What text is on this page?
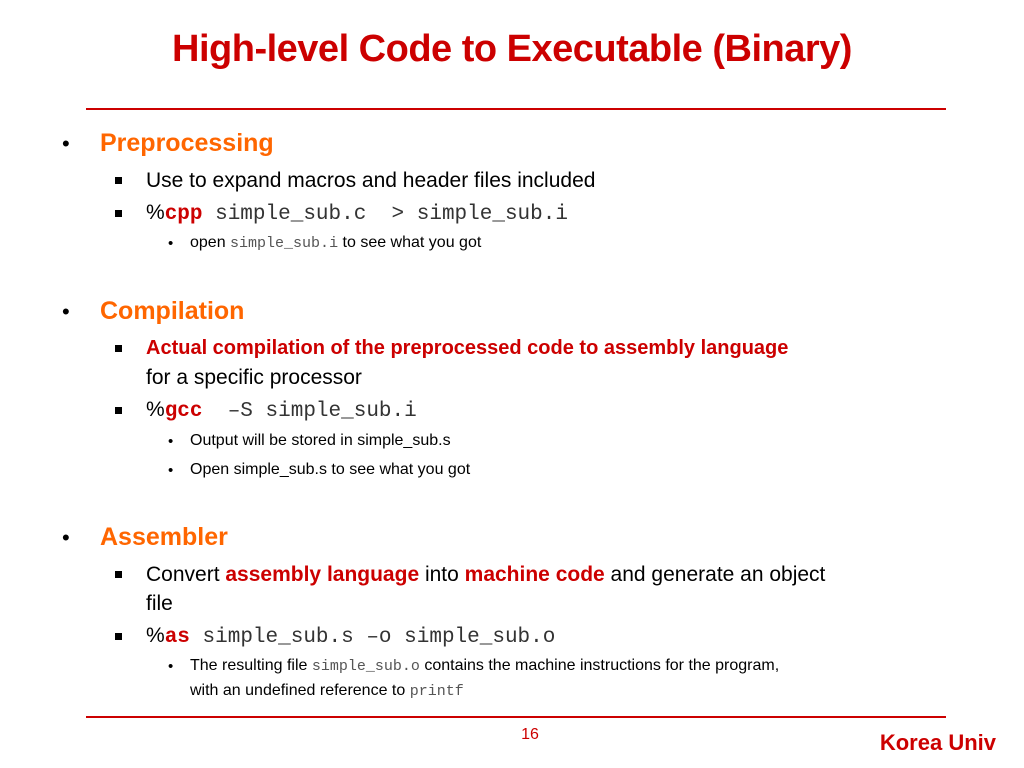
High-level Code to Executable (Binary)
• Preprocessing
Use to expand macros and header files included
%cpp simple_sub.c  > simple_sub.i
• open simple_sub.i to see what you got
• Compilation
Actual compilation of the preprocessed code to assembly language
for a specific processor
%gcc  –S simple_sub.i
• Output will be stored in simple_sub.s
• Open simple_sub.s to see what you got
• Assembler
Convert assembly language into machine code and generate an object
file
%as simple_sub.s –o simple_sub.o
• The resulting file simple_sub.o contains the machine instructions for the program,
with an undefined reference to printf
16	Korea Univ
